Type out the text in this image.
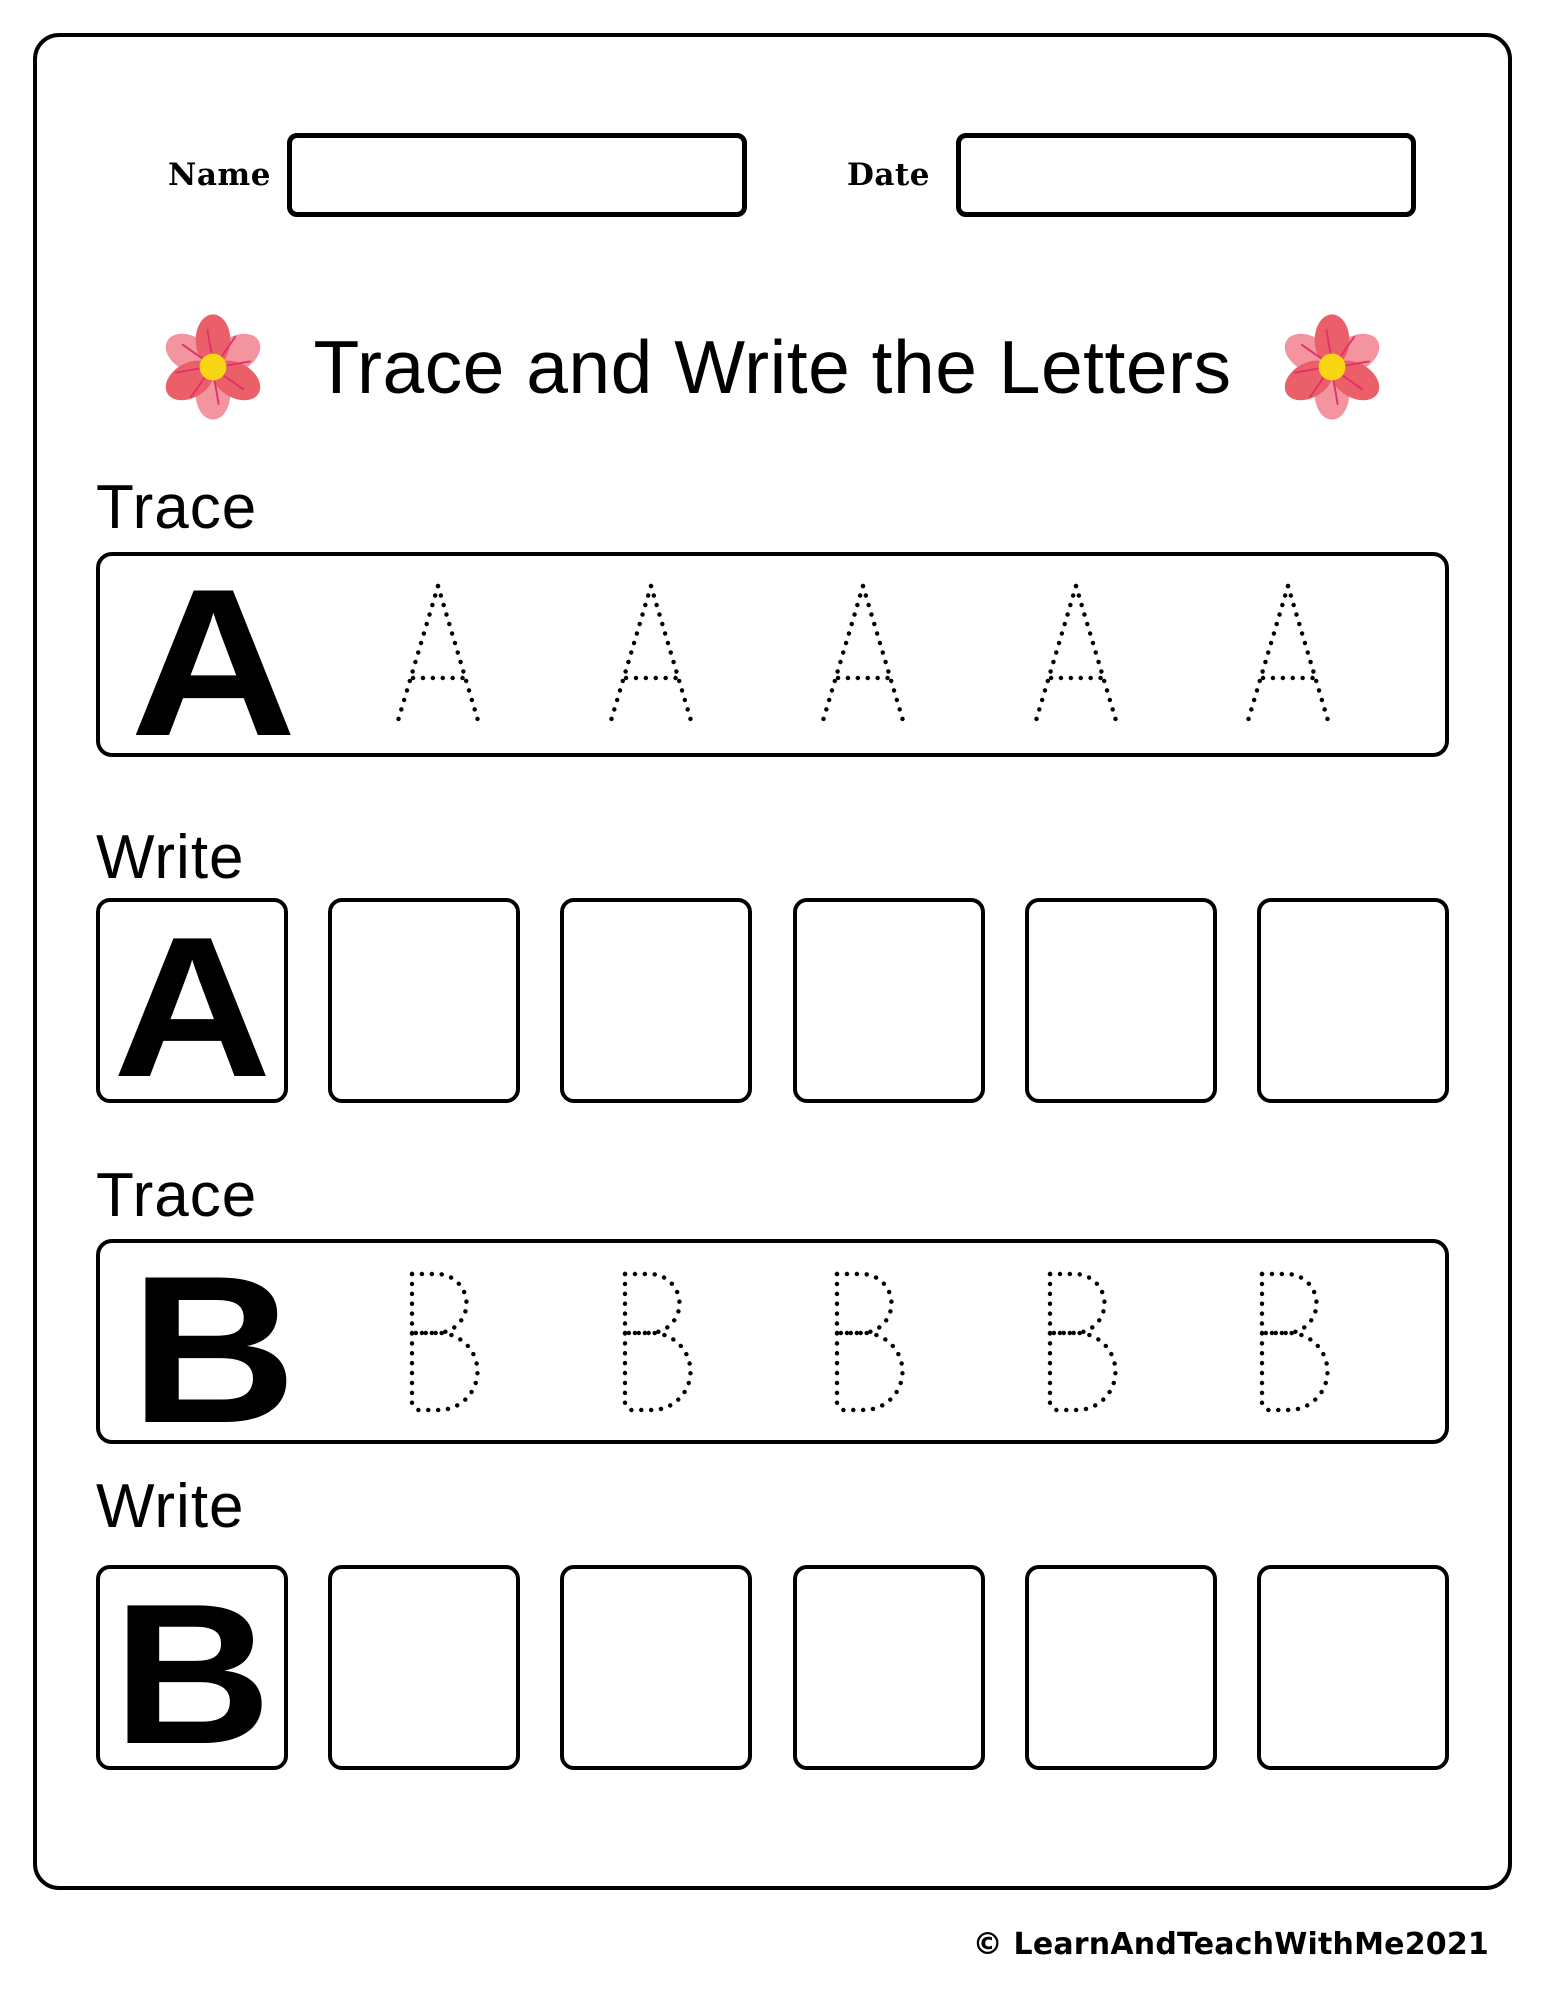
Name	Date
Trace and Write the Letters
Trace
A
Write
A
Trace
B
Write
B
© LearnAndTeachWithMe2021
